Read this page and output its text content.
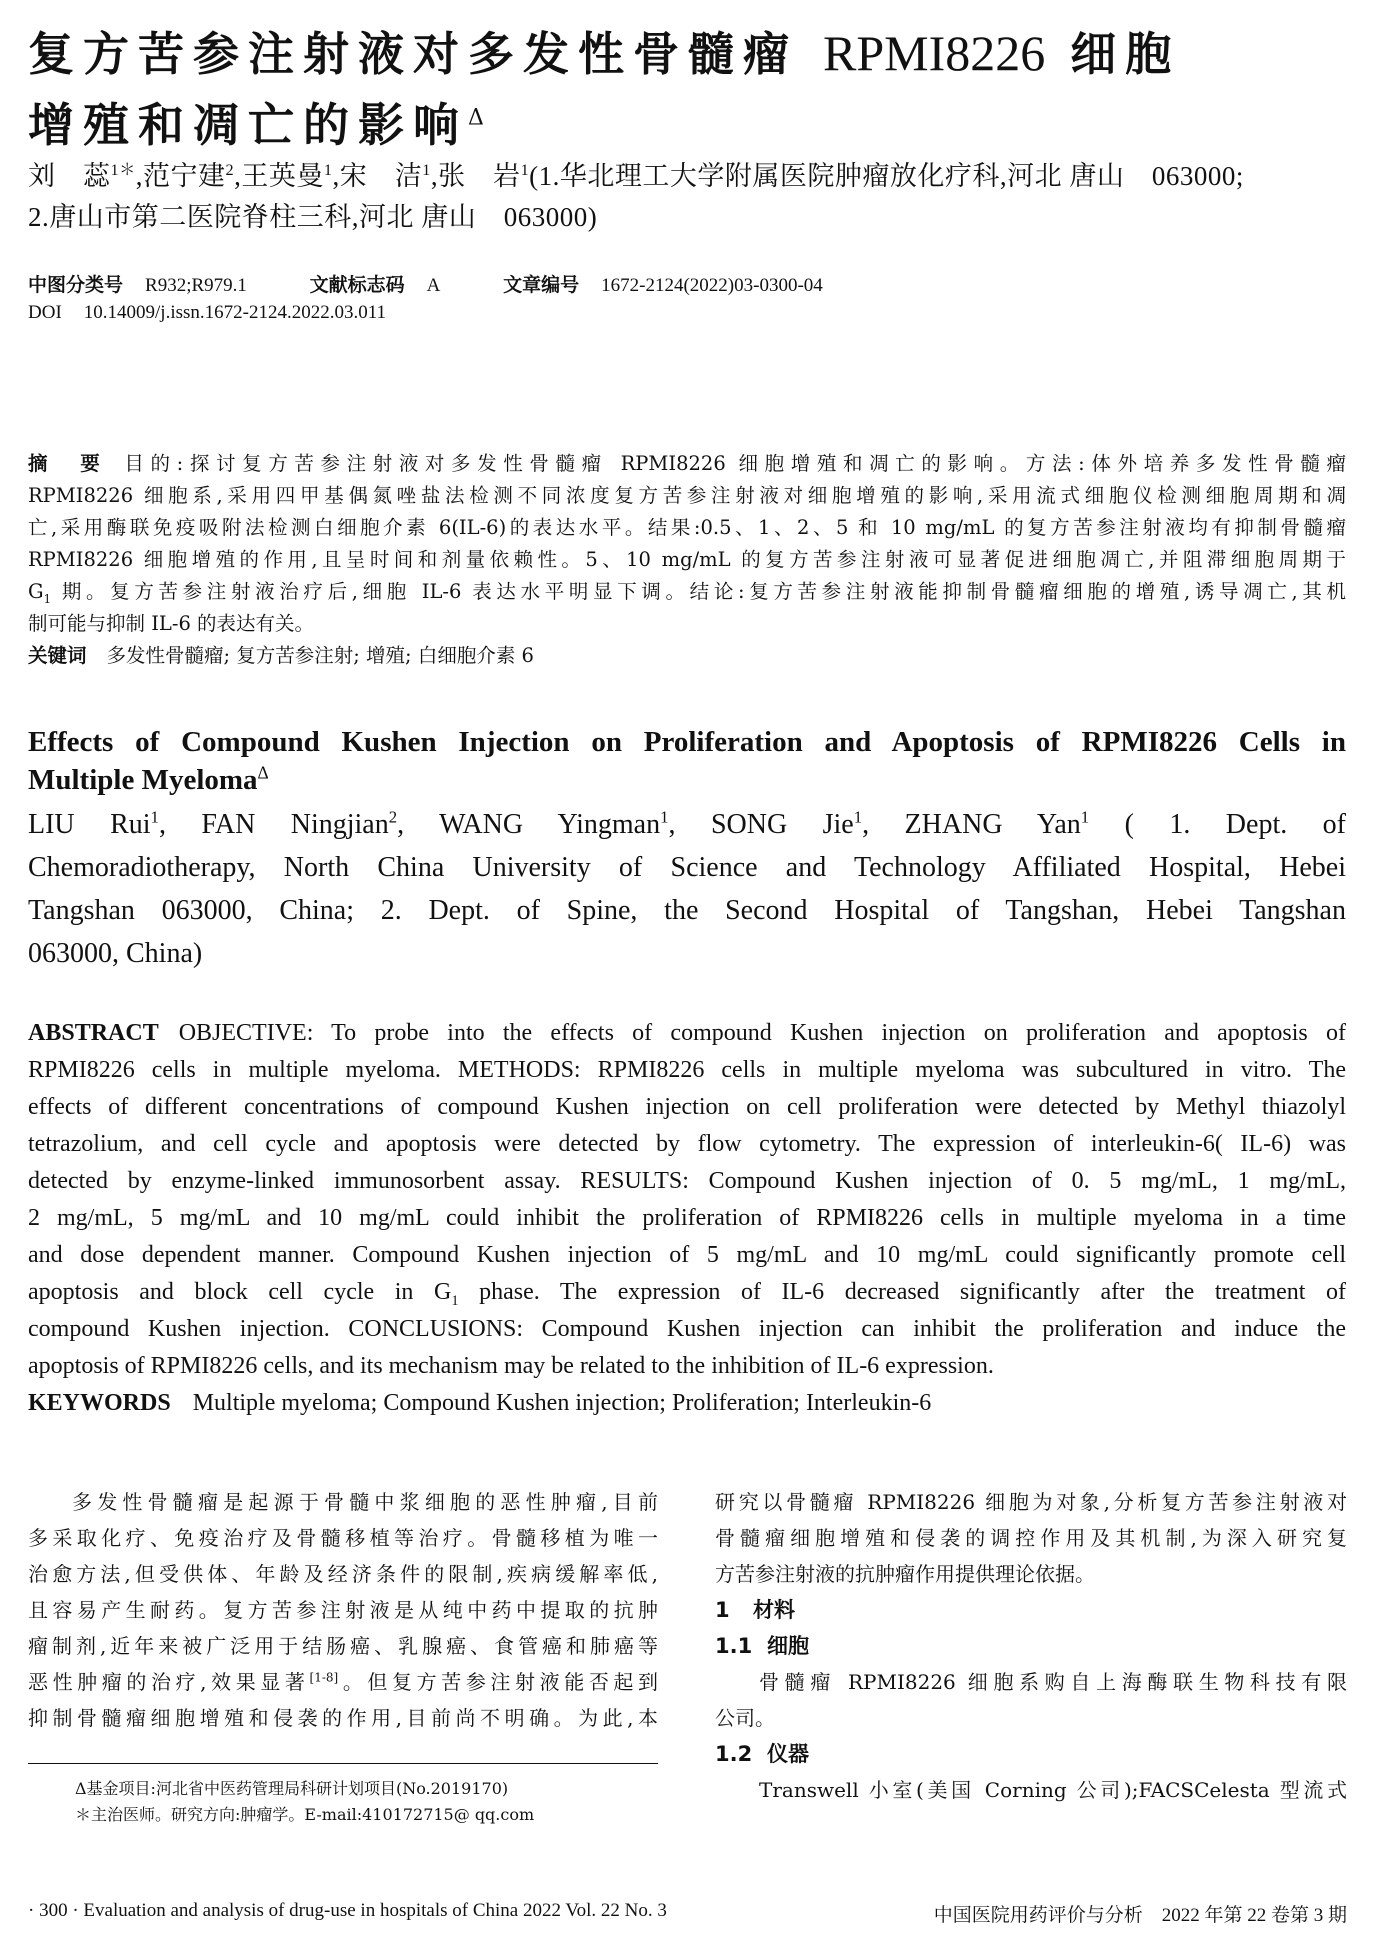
复方苦参注射液对多发性骨髓瘤 RPMI8226 细胞
增殖和凋亡的影响$^\Delta$
刘　蕊$^{1*}$,范宁建$^2$,王英曼$^1$,宋　洁$^1$,张　岩$^1$(1.华北理工大学附属医院肿瘤放化疗科,河北 唐山　063000;
2.唐山市第二医院脊柱三科,河北 唐山　063000)
中图分类号 R932;R979.1	文献标志码 A	文章编号 1672-2124(2022)03-0300-04
DOI 10.14009/j.issn.1672-2124.2022.03.011
摘　要 目的:探讨复方苦参注射液对多发性骨髓瘤 RPMI8226 细胞增殖和凋亡的影响。方法:体外培养多发性骨髓瘤
RPMI8226 细胞系,采用四甲基偶氮唑盐法检测不同浓度复方苦参注射液对细胞增殖的影响,采用流式细胞仪检测细胞周期和凋
亡,采用酶联免疫吸附法检测白细胞介素 6(IL-6)的表达水平。结果:0.5、1、2、5 和 10 mg/mL 的复方苦参注射液均有抑制骨髓瘤
RPMI8226 细胞增殖的作用,且呈时间和剂量依赖性。5、10 mg/mL 的复方苦参注射液可显著促进细胞凋亡,并阻滞细胞周期于
$G_1$ 期。复方苦参注射液治疗后,细胞 IL-6 表达水平明显下调。结论:复方苦参注射液能抑制骨髓瘤细胞的增殖,诱导凋亡,其机
制可能与抑制 IL-6 的表达有关。
关键词 多发性骨髓瘤; 复方苦参注射; 增殖; 白细胞介素 6
Effects of Compound Kushen Injection on Proliferation and Apoptosis of RPMI8226 Cells in
Multiple Myeloma$^\Delta$
LIU Rui$^1$, FAN Ningjian$^2$, WANG Yingman$^1$, SONG Jie$^1$, ZHANG Yan$^1$ ( 1. Dept. of
Chemoradiotherapy, North China University of Science and Technology Affiliated Hospital, Hebei
Tangshan 063000, China; 2. Dept. of Spine, the Second Hospital of Tangshan, Hebei Tangshan
063000, China)
ABSTRACT OBJECTIVE: To probe into the effects of compound Kushen injection on proliferation and apoptosis of
RPMI8226 cells in multiple myeloma. METHODS: RPMI8226 cells in multiple myeloma was subcultured in vitro. The
effects of different concentrations of compound Kushen injection on cell proliferation were detected by Methyl thiazolyl
tetrazolium, and cell cycle and apoptosis were detected by flow cytometry. The expression of interleukin-6( IL-6) was
detected by enzyme-linked immunosorbent assay. RESULTS: Compound Kushen injection of 0. 5 mg/mL, 1 mg/mL,
2 mg/mL, 5 mg/mL and 10 mg/mL could inhibit the proliferation of RPMI8226 cells in multiple myeloma in a time
and dose dependent manner. Compound Kushen injection of 5 mg/mL and 10 mg/mL could significantly promote cell
apoptosis and block cell cycle in $G_1$ phase. The expression of IL-6 decreased significantly after the treatment of
compound Kushen injection. CONCLUSIONS: Compound Kushen injection can inhibit the proliferation and induce the
apoptosis of RPMI8226 cells, and its mechanism may be related to the inhibition of IL-6 expression.
KEYWORDS Multiple myeloma; Compound Kushen injection; Proliferation; Interleukin-6
多发性骨髓瘤是起源于骨髓中浆细胞的恶性肿瘤,目前
多采取化疗、免疫治疗及骨髓移植等治疗。骨髓移植为唯一
治愈方法,但受供体、年龄及经济条件的限制,疾病缓解率低,
且容易产生耐药。复方苦参注射液是从纯中药中提取的抗肿
瘤制剂,近年来被广泛用于结肠癌、乳腺癌、食管癌和肺癌等
恶性肿瘤的治疗,效果显著[1-8]。但复方苦参注射液能否起到
抑制骨髓瘤细胞增殖和侵袭的作用,目前尚不明确。为此,本
Δ基金项目:河北省中医药管理局科研计划项目(No.2019170)
＊主治医师。研究方向:肿瘤学。E-mail:410172715@ qq.com
研究以骨髓瘤 RPMI8226 细胞为对象,分析复方苦参注射液对
骨髓瘤细胞增殖和侵袭的调控作用及其机制,为深入研究复
方苦参注射液的抗肿瘤作用提供理论依据。
1 材料
1.1 细胞
骨髓瘤 RPMI8226 细胞系购自上海酶联生物科技有限
公司。
1.2 仪器
Transwell 小室(美国 Corning 公司);FACSCelesta 型流式
· 300 · Evaluation and analysis of drug-use in hospitals of China 2022 Vol. 22 No. 3	中国医院用药评价与分析　2022 年第 22 卷第 3 期
